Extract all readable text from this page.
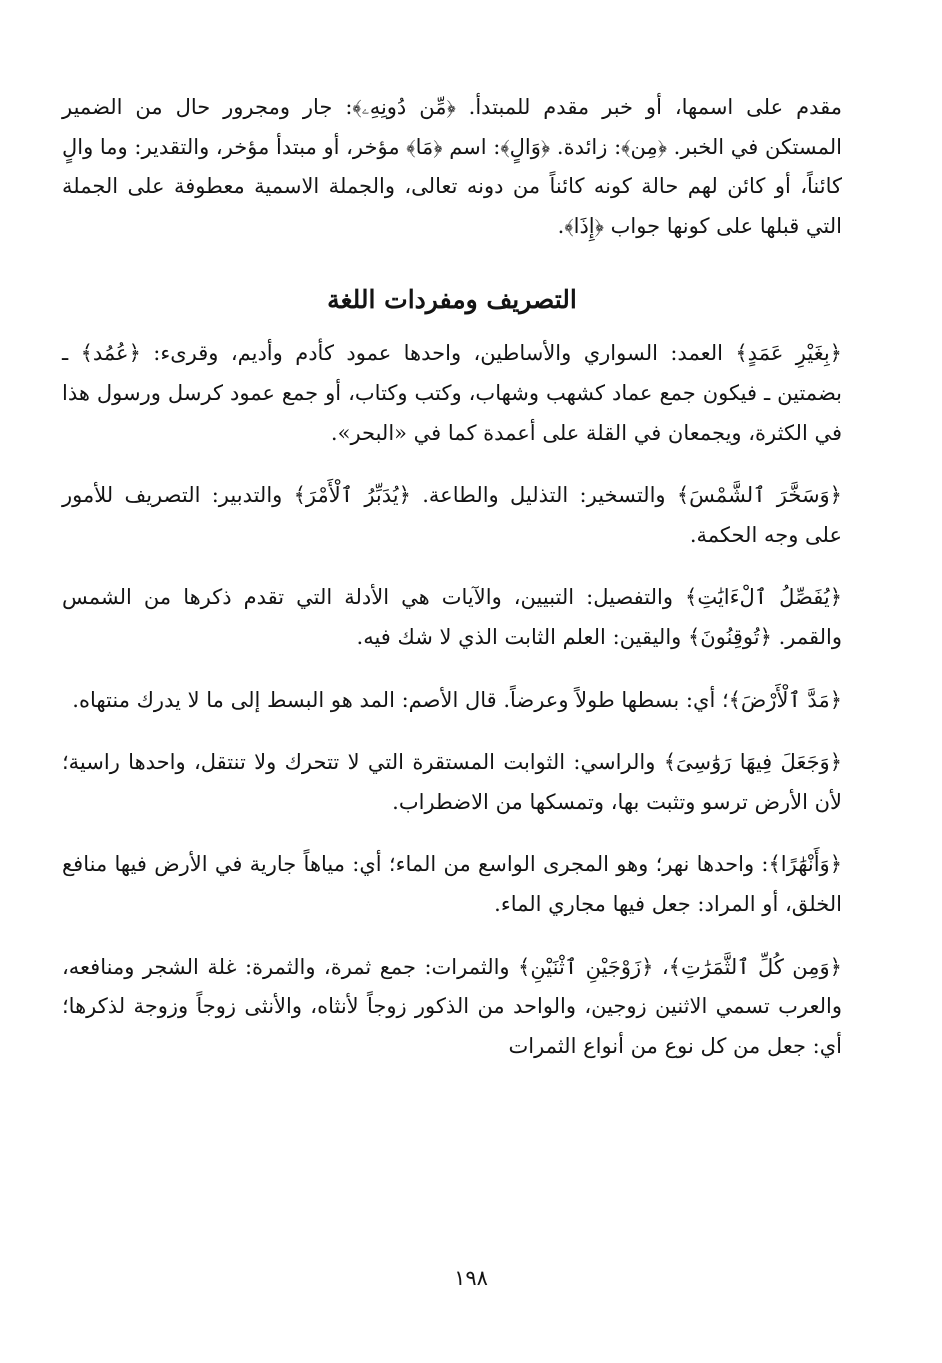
مقدم على اسمها، أو خبر مقدم للمبتدأ. ﴿مِّن دُونِهِۦ﴾: جار ومجرور حال من الضمير المستكن في الخبر. ﴿مِن﴾: زائدة. ﴿وَالٍ﴾: اسم ﴿مَا﴾ مؤخر، أو مبتدأ مؤخر، والتقدير: وما والٍ كائناً، أو كائن لهم حالة كونه كائناً من دونه تعالى، والجملة الاسمية معطوفة على الجملة التي قبلها على كونها جواب ﴿إِذَا﴾.

التصريف ومفردات اللغة

﴿بِغَيْرِ عَمَدٍ﴾ العمد: السواري والأساطين، واحدها عمود كأدم وأديم، وقرىء: ﴿عُمُد﴾ ـ بضمتين ـ فيكون جمع عماد كشهب وشهاب، وكتب وكتاب، أو جمع عمود كرسل ورسول هذا في الكثرة، ويجمعان في القلة على أعمدة كما في «البحر».

﴿وَسَخَّرَ ٱلشَّمْسَ﴾ والتسخير: التذليل والطاعة. ﴿يُدَبِّرُ ٱلْأَمْرَ﴾ والتدبير: التصريف للأمور على وجه الحكمة.

﴿يُفَصِّلُ ٱلْءَايَٰتِ﴾ والتفصيل: التبيين، والآيات هي الأدلة التي تقدم ذكرها من الشمس والقمر. ﴿تُوقِنُونَ﴾ واليقين: العلم الثابت الذي لا شك فيه.

﴿مَدَّ ٱلْأَرْضَ﴾؛ أي: بسطها طولاً وعرضاً. قال الأصم: المد هو البسط إلى ما لا يدرك منتهاه.

﴿وَجَعَلَ فِيهَا رَوَٰسِىَ﴾ والراسي: الثوابت المستقرة التي لا تتحرك ولا تنتقل، واحدها راسية؛ لأن الأرض ترسو وتثبت بها، وتمسكها من الاضطراب.

﴿وَأَنْهَٰرًا﴾: واحدها نهر؛ وهو المجرى الواسع من الماء؛ أي: مياهاً جارية في الأرض فيها منافع الخلق، أو المراد: جعل فيها مجاري الماء.

﴿وَمِن كُلِّ ٱلثَّمَرَٰتِ﴾، ﴿زَوْجَيْنِ ٱثْنَيْنِ﴾ والثمرات: جمع ثمرة، والثمرة: غلة الشجر ومنافعه، والعرب تسمي الاثنين زوجين، والواحد من الذكور زوجاً لأنثاه، والأنثى زوجاً وزوجة لذكرها؛ أي: جعل من كل نوع من أنواع الثمرات

١٩٨
